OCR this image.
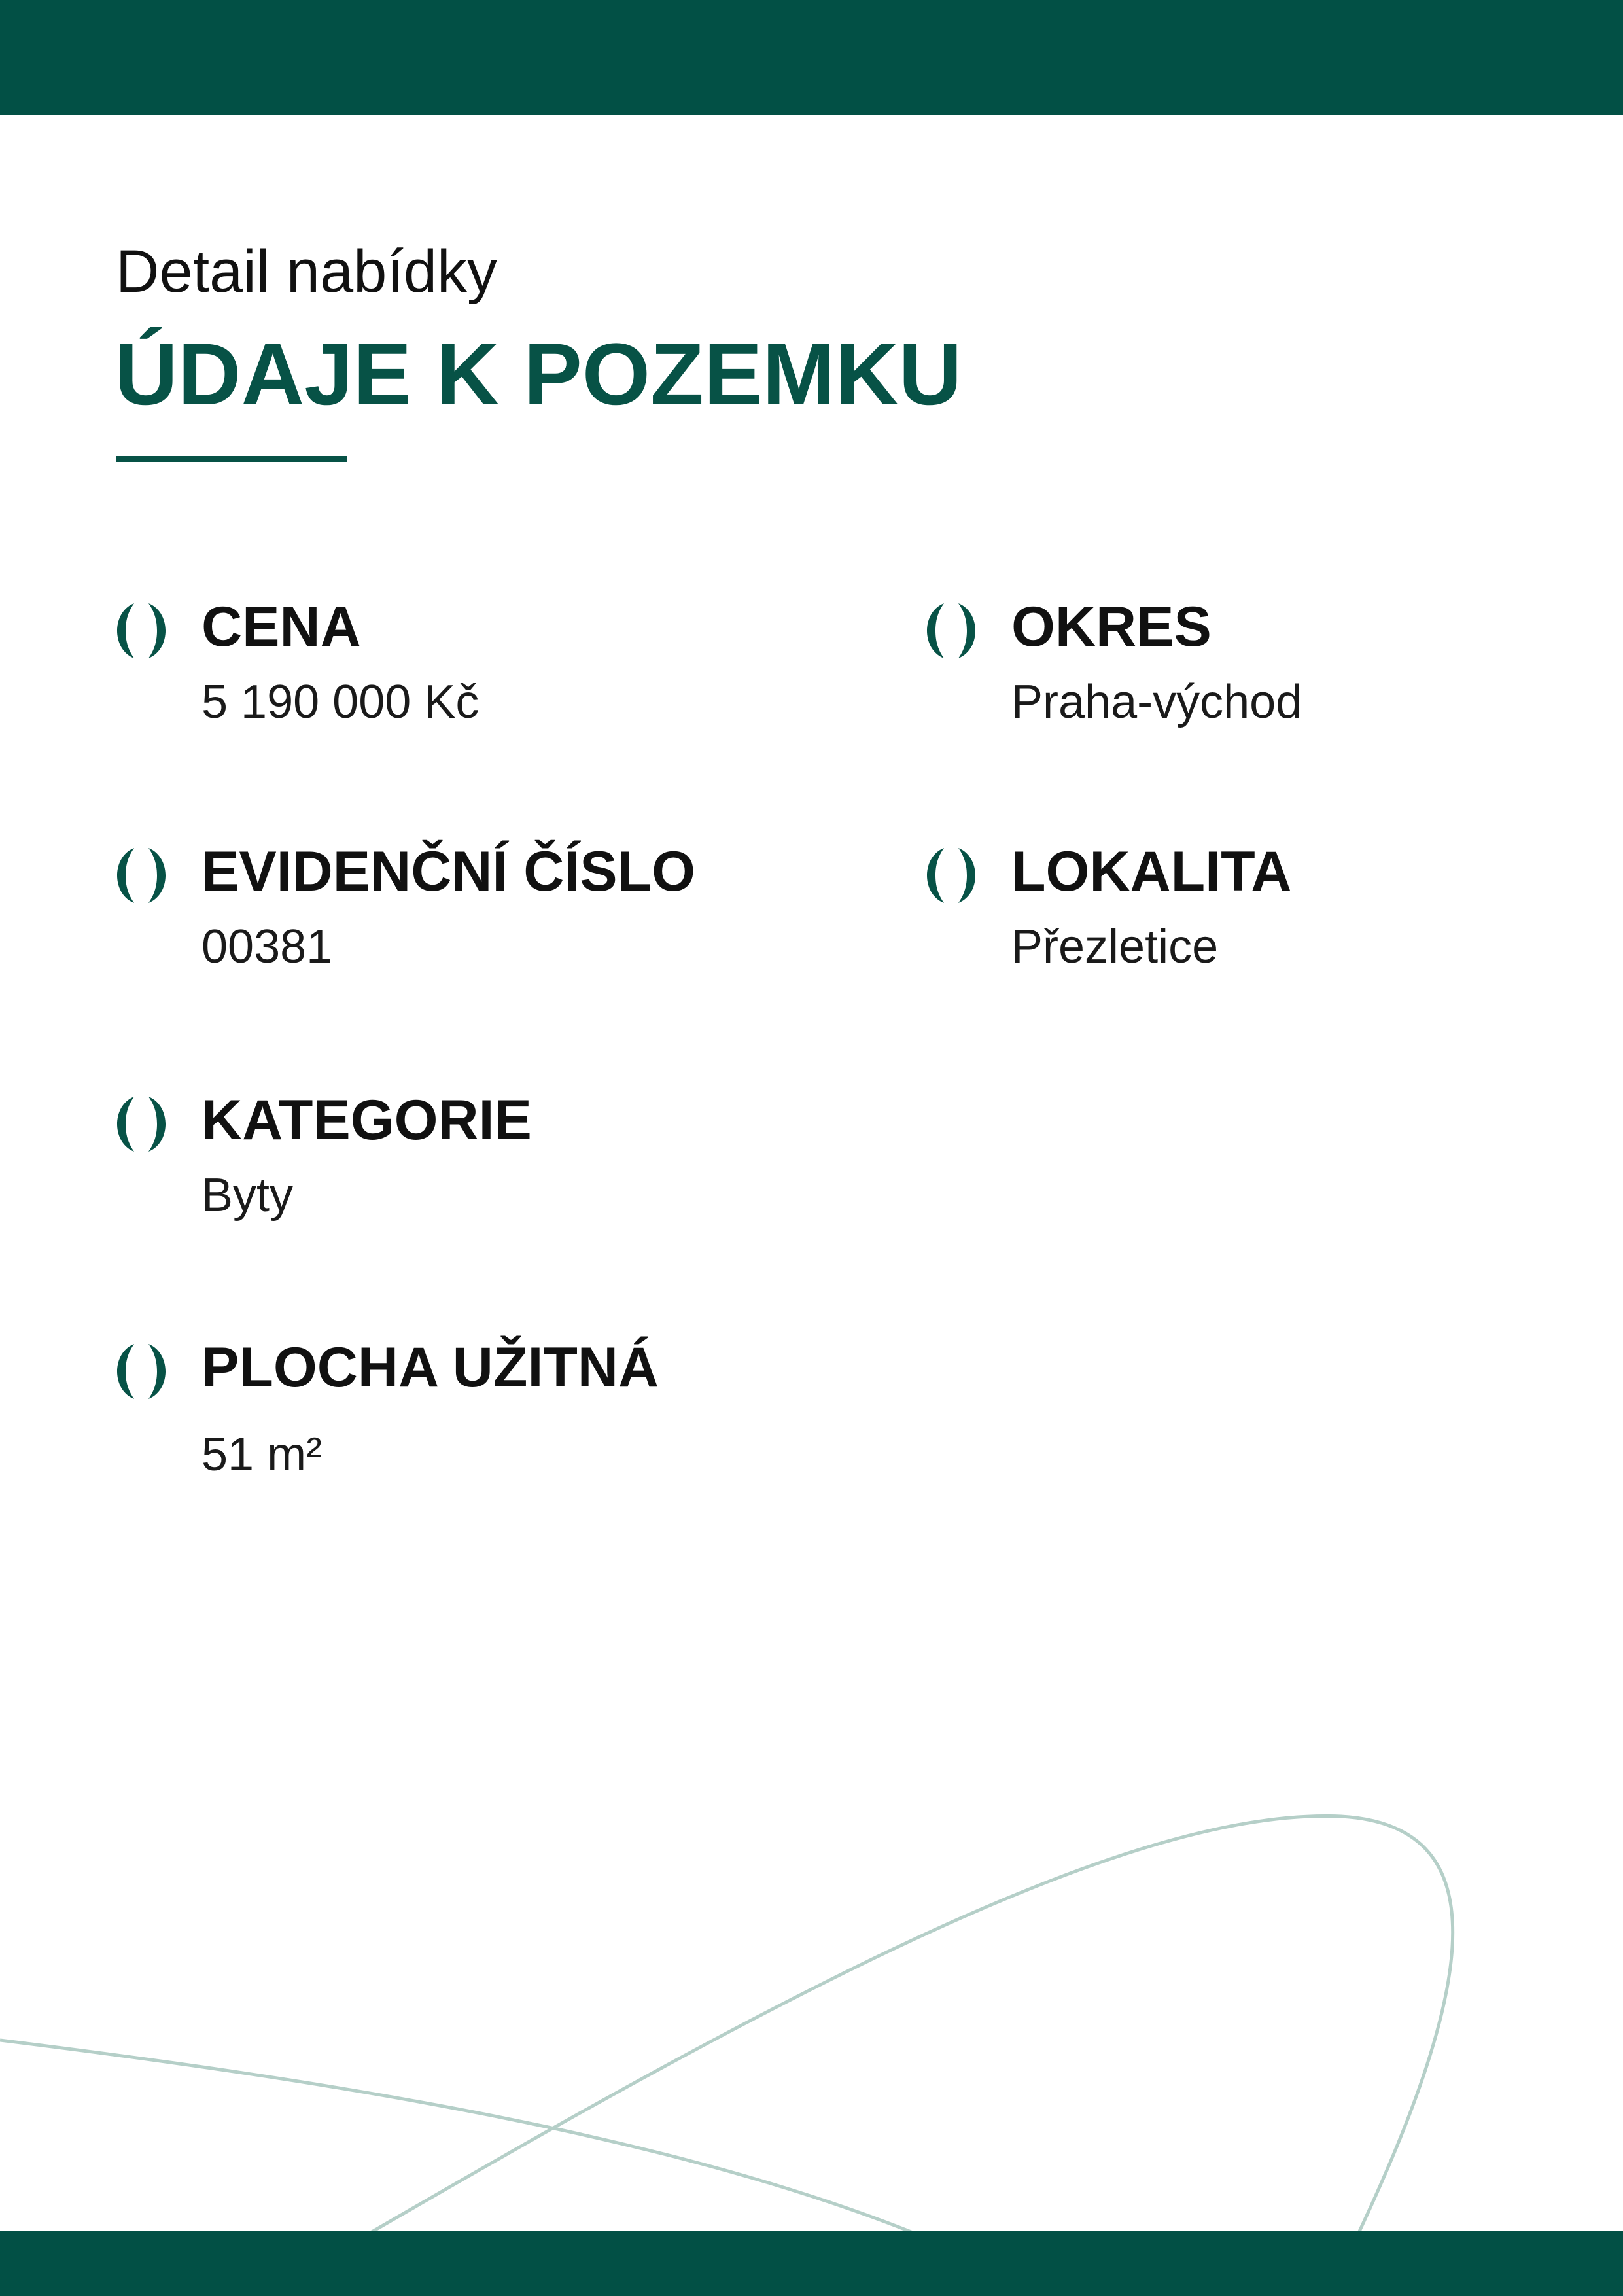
Detail nabídky
ÚDAJE K POZEMKU
CENA
5 190 000 Kč
EVIDENČNÍ ČÍSLO
00381
KATEGORIE
Byty
PLOCHA UŽITNÁ
51 m²
OKRES
Praha-východ
LOKALITA
Přezletice
